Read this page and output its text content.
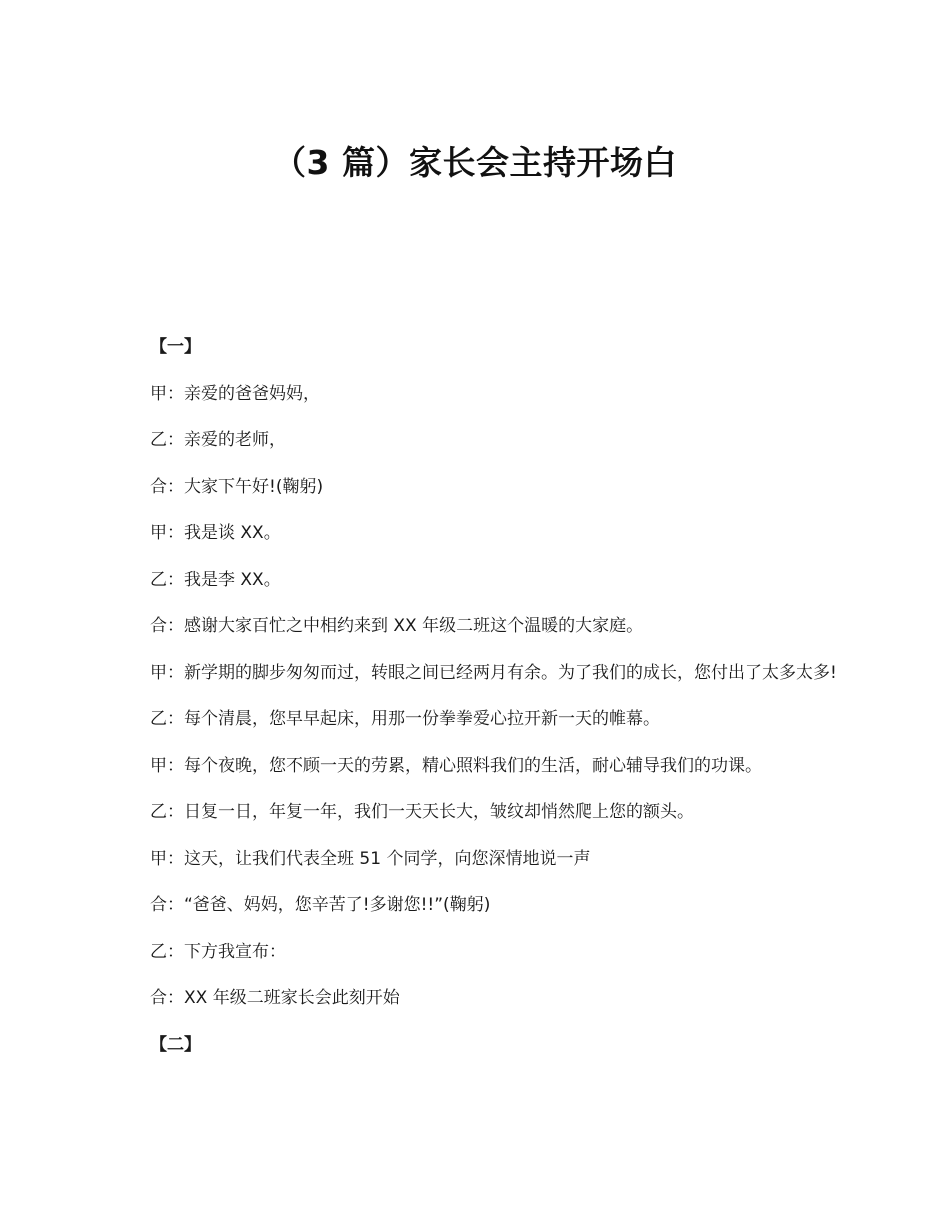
（3 篇）家长会主持开场白

【一】

甲：亲爱的爸爸妈妈，

乙：亲爱的老师，

合：大家下午好!(鞠躬)

甲：我是谈 XX。

乙：我是李 XX。

合：感谢大家百忙之中相约来到 XX 年级二班这个温暖的大家庭。

甲：新学期的脚步匆匆而过，转眼之间已经两月有余。为了我们的成长，您付出了太多太多!

乙：每个清晨，您早早起床，用那一份拳拳爱心拉开新一天的帷幕。

甲：每个夜晚，您不顾一天的劳累，精心照料我们的生活，耐心辅导我们的功课。

乙：日复一日，年复一年，我们一天天长大，皱纹却悄然爬上您的额头。

甲：这天，让我们代表全班 51 个同学，向您深情地说一声

合：“爸爸、妈妈，您辛苦了!多谢您!!”(鞠躬)

乙：下方我宣布：

合：XX 年级二班家长会此刻开始

【二】
